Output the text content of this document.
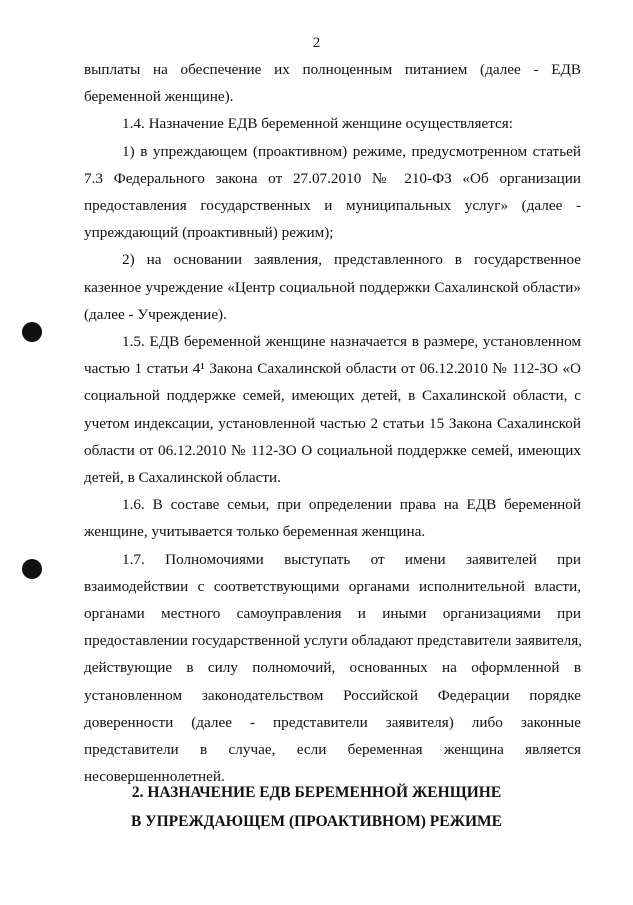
2
выплаты на обеспечение их полноценным питанием (далее - ЕДВ
беременной женщине).
1.4. Назначение ЕДВ беременной женщине осуществляется:
1) в упреждающем (проактивном) режиме, предусмотренном статьей
7.3 Федерального закона от 27.07.2010 № 210-ФЗ «Об организации
предоставления государственных и муниципальных услуг» (далее -
упреждающий (проактивный) режим);
2) на основании заявления, представленного в государственное
казенное учреждение «Центр социальной поддержки Сахалинской области»
(далее - Учреждение).
1.5. ЕДВ беременной женщине назначается в размере, установленном
частью 1 статьи 4¹ Закона Сахалинской области от 06.12.2010 № 112-ЗО «О
социальной поддержке семей, имеющих детей, в Сахалинской области, с
учетом индексации, установленной частью 2 статьи 15 Закона Сахалинской
области от 06.12.2010 № 112-ЗО О социальной поддержке семей, имеющих
детей, в Сахалинской области.
1.6. В составе семьи, при определении права на ЕДВ беременной
женщине, учитывается только беременная женщина.
1.7. Полномочиями выступать от имени заявителей при
взаимодействии с соответствующими органами исполнительной власти,
органами местного самоуправления и иными организациями при
предоставлении государственной услуги обладают представители заявителя,
действующие в силу полномочий, основанных на оформленной в
установленном законодательством Российской Федерации порядке
доверенности (далее - представители заявителя) либо законные
представители в случае, если беременная женщина является
несовершеннолетней.
2. НАЗНАЧЕНИЕ ЕДВ БЕРЕМЕННОЙ ЖЕНЩИНЕ
В УПРЕЖДАЮЩЕМ (ПРОАКТИВНОМ) РЕЖИМЕ
